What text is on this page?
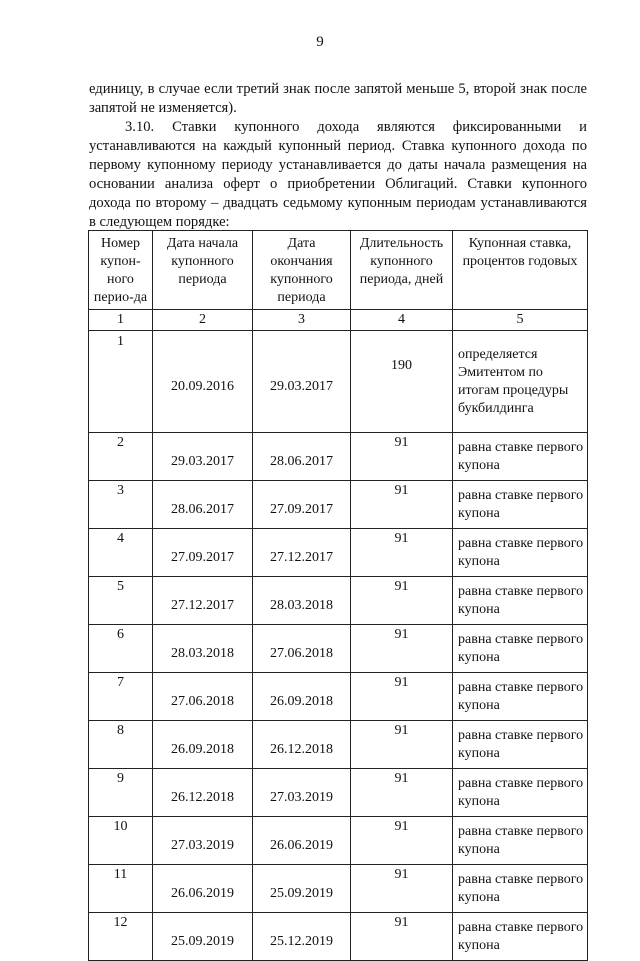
9

единицу, в случае если третий знак после запятой меньше 5, второй знак после запятой не изменяется).

3.10. Ставки купонного дохода являются фиксированными и устанавливаются на каждый купонный период. Ставка купонного дохода по первому купонному периоду устанавливается до даты начала размещения на основании анализа оферт о приобретении Облигаций. Ставки купонного дохода по второму – двадцать седьмому купонным периодам устанавливаются в следующем порядке:

Номер купон-ного перио-да	Дата начала купонного периода	Дата окончания купонного периода	Длительность купонного периода, дней	Купонная ставка, процентов годовых
1	2	3	4	5
1	20.09.2016	29.03.2017	190	определяется Эмитентом по итогам процедуры букбилдинга
2	29.03.2017	28.06.2017	91	равна ставке первого купона
3	28.06.2017	27.09.2017	91	равна ставке первого купона
4	27.09.2017	27.12.2017	91	равна ставке первого купона
5	27.12.2017	28.03.2018	91	равна ставке первого купона
6	28.03.2018	27.06.2018	91	равна ставке первого купона
7	27.06.2018	26.09.2018	91	равна ставке первого купона
8	26.09.2018	26.12.2018	91	равна ставке первого купона
9	26.12.2018	27.03.2019	91	равна ставке первого купона
10	27.03.2019	26.06.2019	91	равна ставке первого купона
11	26.06.2019	25.09.2019	91	равна ставке первого купона
12	25.09.2019	25.12.2019	91	равна ставке первого купона
